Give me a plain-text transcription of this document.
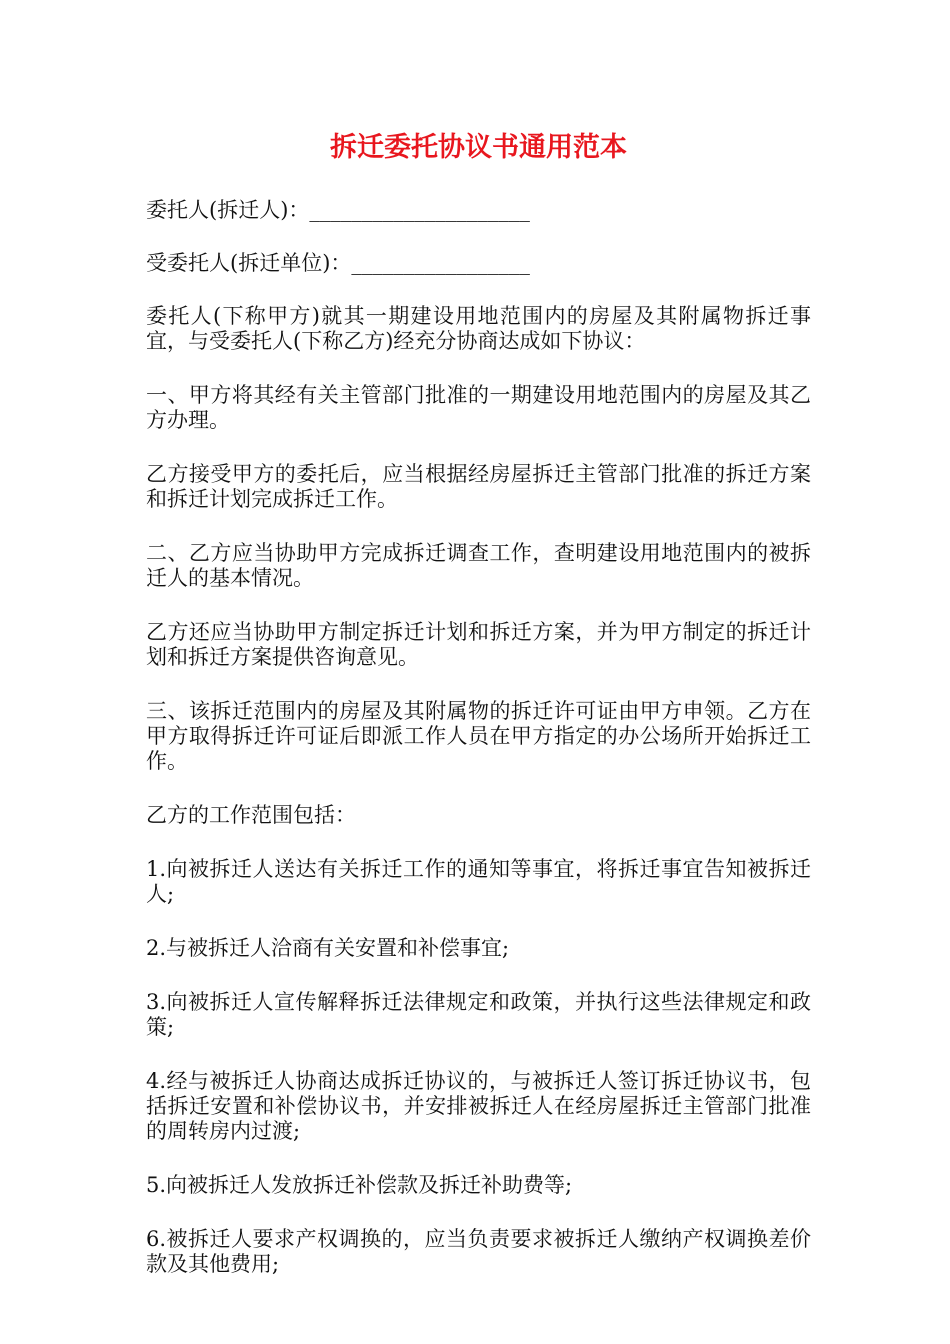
拆迁委托协议书通用范本
委托人(拆迁人)：_____________________
受委托人(拆迁单位)：_________________

委托人(下称甲方)就其一期建设用地范围内的房屋及其附属物拆迁事宜，与受委托人(下称乙方)经充分协商达成如下协议：

一、甲方将其经有关主管部门批准的一期建设用地范围内的房屋及其乙方办理。

乙方接受甲方的委托后，应当根据经房屋拆迁主管部门批准的拆迁方案和拆迁计划完成拆迁工作。

二、乙方应当协助甲方完成拆迁调查工作，查明建设用地范围内的被拆迁人的基本情况。

乙方还应当协助甲方制定拆迁计划和拆迁方案，并为甲方制定的拆迁计划和拆迁方案提供咨询意见。

三、该拆迁范围内的房屋及其附属物的拆迁许可证由甲方申领。乙方在甲方取得拆迁许可证后即派工作人员在甲方指定的办公场所开始拆迁工作。

乙方的工作范围包括：

1.向被拆迁人送达有关拆迁工作的通知等事宜，将拆迁事宜告知被拆迁人;

2.与被拆迁人洽商有关安置和补偿事宜;

3.向被拆迁人宣传解释拆迁法律规定和政策，并执行这些法律规定和政策;

4.经与被拆迁人协商达成拆迁协议的，与被拆迁人签订拆迁协议书，包括拆迁安置和补偿协议书，并安排被拆迁人在经房屋拆迁主管部门批准的周转房内过渡;

5.向被拆迁人发放拆迁补偿款及拆迁补助费等;

6.被拆迁人要求产权调换的，应当负责要求被拆迁人缴纳产权调换差价款及其他费用;
